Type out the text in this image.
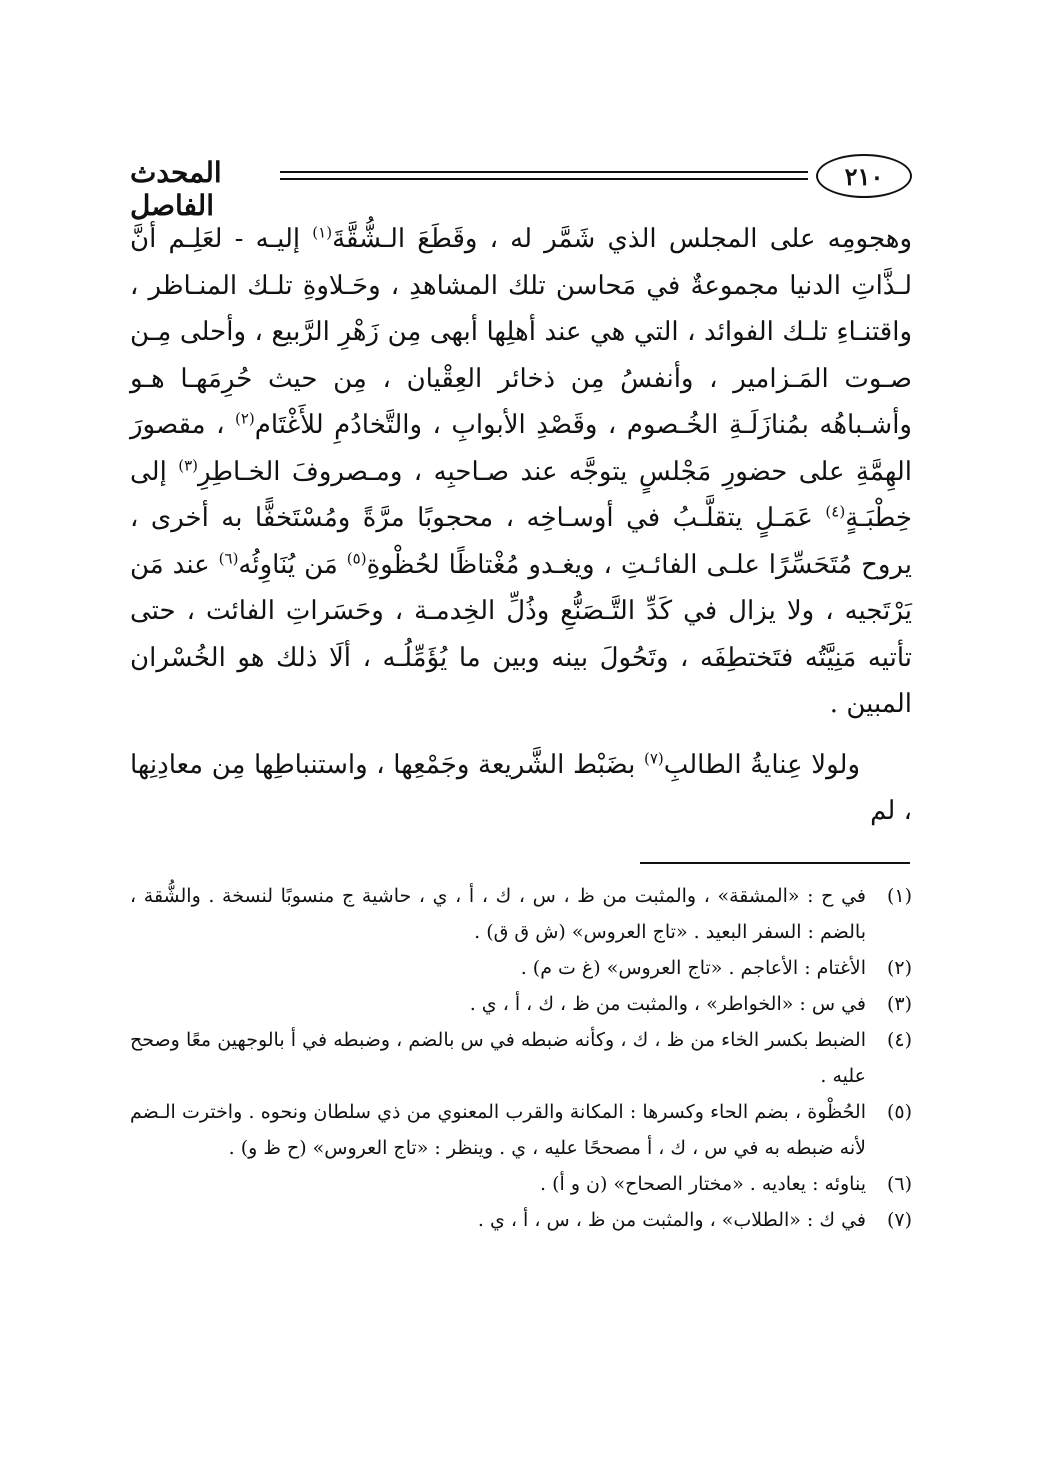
المحدث الفاصل
٢١٠

وهجومِه على المجلس الذي شَمَّر له ، وقَطَعَ الـشُّقَّةَ$^{(١)}$ إليـه - لعَلِـم أنَّ لـذَّاتِ الدنيا مجموعةٌ في مَحاسن تلك المشاهدِ ، وحَـلاوةِ تلـك المنـاظر ، واقتنـاءِ تلـك الفوائد ، التي هي عند أهلِها أبهى مِن زَهْرِ الرَّبيع ، وأحلى مِـن صـوت المَـزامير ، وأنفسُ مِن ذخائر العِقْيان ، مِن حيث حُرِمَهـا هـو وأشـباهُه بمُنازَلَـةِ الخُـصوم ، وقَصْدِ الأبوابِ ، والتَّخادُمِ للأَغْتَام$^{(٢)}$ ، مقصورَ الهِمَّةِ على حضورِ مَجْلسٍ يتوجَّه عند صـاحبِه ، ومـصروفَ الخـاطِرِ$^{(٣)}$ إلى خِطْبَـةٍ$^{(٤)}$ عَمَـلٍ يتقلَّـبُ في أوسـاخِه ، محجوبًا مرَّةً ومُسْتَخفًّا به أخرى ، يروح مُتَحَسِّرًا علـى الفائـتِ ، ويغـدو مُغْتاظًا لحُظْوةِ$^{(٥)}$ مَن يُنَاوِئُه$^{(٦)}$ عند مَن يَرْتَجيه ، ولا يزال في كَدِّ التَّـصَنُّعِ وذُلِّ الخِدمـة ، وحَسَراتِ الفائت ، حتى تأتيه مَنِيَّتُه فتَختطِفَه ، وتَحُولَ بينه وبين ما يُؤَمِّلُـه ، ألَا ذلك هو الخُسْران المبين .

ولولا عِنايةُ الطالبِ$^{(٧)}$ بضَبْط الشَّريعة وجَمْعِها ، واستنباطِها مِن معادِنِها ، لم

(١)
في ح : «المشقة» ، والمثبت من ظ ، س ، ك ، أ ، ي ، حاشية ج منسوبًا لنسخة . والشُّقة ، بالضم : السفر البعيد . «تاج العروس» (ش ق ق) .
(٢)
الأغتام : الأعاجم . «تاج العروس» (غ ت م) .
(٣)
في س : «الخواطر» ، والمثبت من ظ ، ك ، أ ، ي .
(٤)
الضبط بكسر الخاء من ظ ، ك ، وكأنه ضبطه في س بالضم ، وضبطه في أ بالوجهين معًا وصحح عليه .
(٥)
الحُظْوة ، بضم الحاء وكسرها : المكانة والقرب المعنوي من ذي سلطان ونحوه . واخترت الـضم لأنه ضبطه به في س ، ك ، أ مصححًا عليه ، ي . وينظر : «تاج العروس» (ح ظ و) .
(٦)
يناوئه : يعاديه . «مختار الصحاح» (ن و أ) .
(٧)
في ك : «الطلاب» ، والمثبت من ظ ، س ، أ ، ي .
